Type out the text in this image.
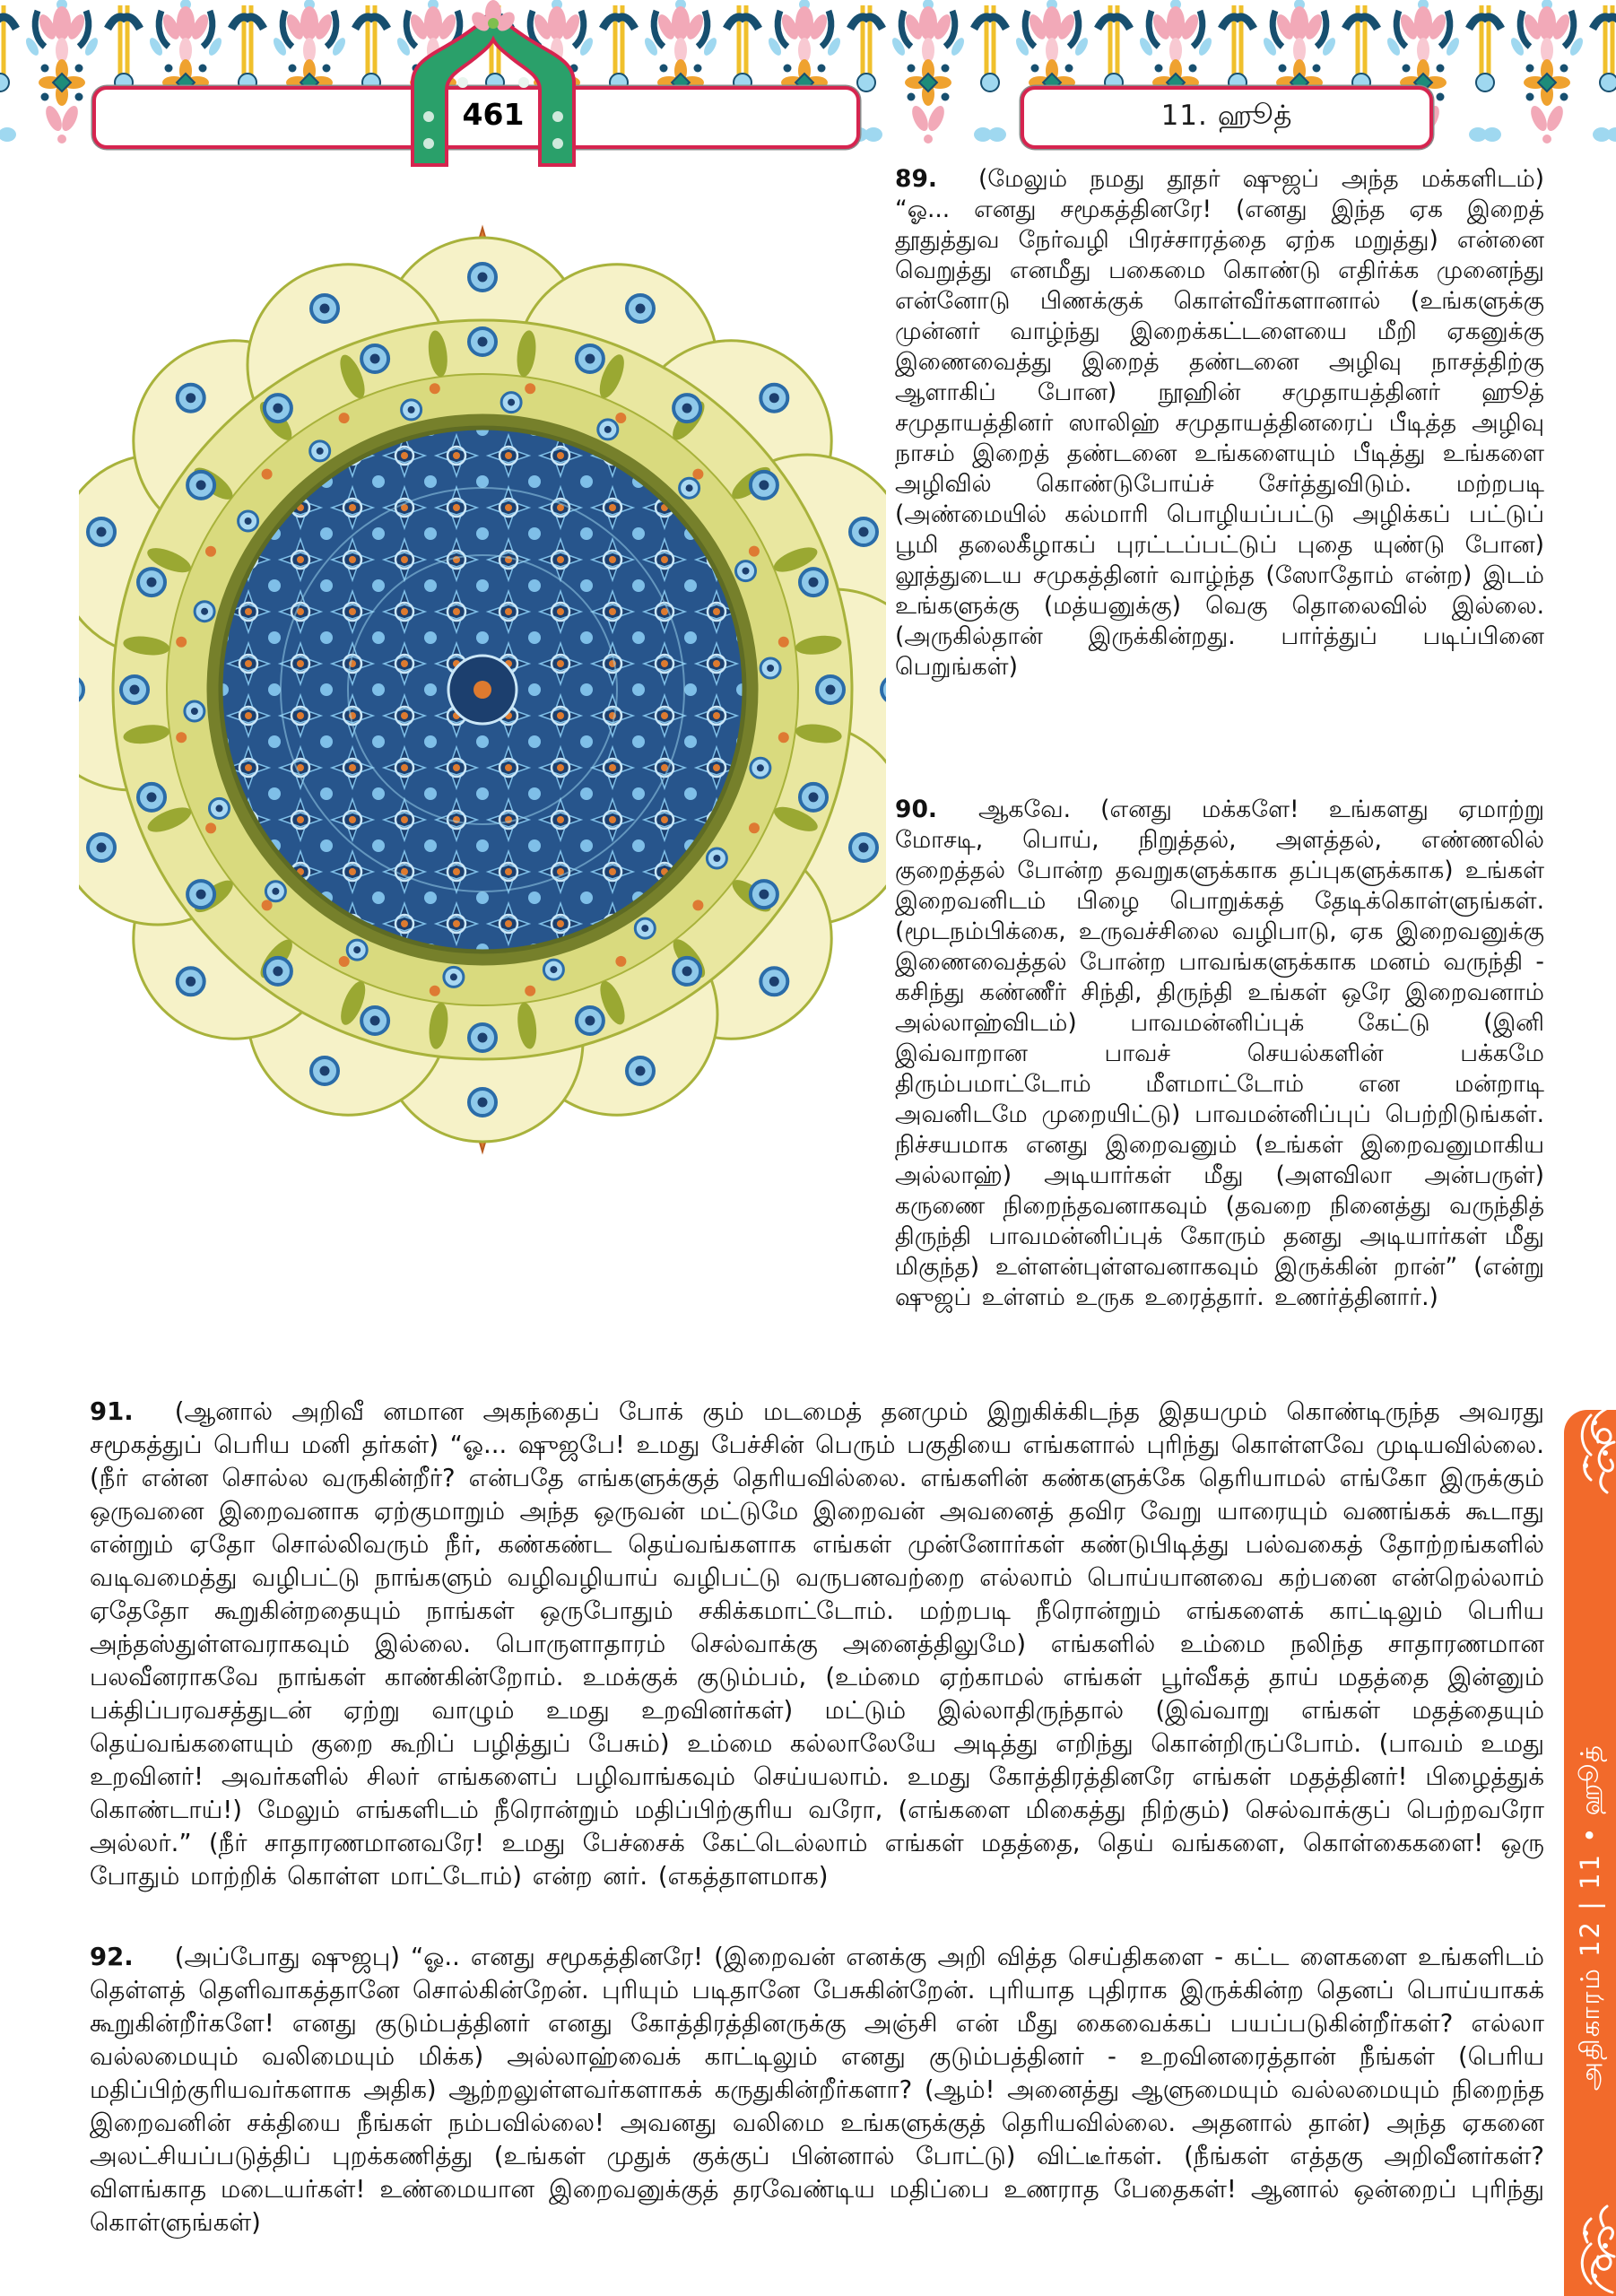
11. ஹூத்
461

89. (மேலும் நமது தூதர் ஷுஜப் அந்த மக்களிடம்) “ஓ... எனது சமூகத்தினரே! (எனது இந்த ஏக இறைத் தூதுத்துவ நேர்வழி பிரச்சாரத்தை ஏற்க மறுத்து) என்னை வெறுத்து எனமீது பகைமை கொண்டு எதிர்க்க முனைந்து என்னோடு பிணக்குக் கொள்வீர்களானால் (உங்களுக்கு முன்னர் வாழ்ந்து இறைக்கட்டளையை மீறி ஏகனுக்கு இணைவைத்து இறைத் தண்டனை அழிவு நாசத்திற்கு ஆளாகிப் போன) நூஹின் சமுதாயத்தினர் ஹூத் சமுதாயத்தினர் ஸாலிஹ் சமுதாயத்தினரைப் பீடித்த அழிவு நாசம் இறைத் தண்டனை உங்களையும் பீடித்து உங்களை அழிவில் கொண்டுபோய்ச் சேர்த்துவிடும். மற்றபடி (அண்மையில் கல்மாரி பொழியப்பட்டு அழிக்கப் பட்டுப் பூமி தலைகீழாகப் புரட்டப்பட்டுப் புதை யுண்டு போன) லூத்துடைய சமுகத்தினர் வாழ்ந்த (ஸோதோம் என்ற) இடம் உங்களுக்கு (மத்யனுக்கு) வெகு தொலைவில் இல்லை. (அருகில்தான் இருக்கின்றது. பார்த்துப் படிப்பினை பெறுங்கள்)

90. ஆகவே. (எனது மக்களே! உங்களது ஏமாற்று மோசடி, பொய், நிறுத்தல், அளத்தல், எண்ணலில் குறைத்தல் போன்ற தவறுகளுக்காக தப்புகளுக்காக) உங்கள் இறைவனிடம் பிழை பொறுக்கத் தேடிக்கொள்ளுங்கள். (மூடநம்பிக்கை, உருவச்சிலை வழிபாடு, ஏக இறைவனுக்கு இணைவைத்தல் போன்ற பாவங்களுக்காக மனம் வருந்தி - கசிந்து கண்ணீர் சிந்தி, திருந்தி உங்கள் ஒரே இறைவனாம் அல்லாஹ்விடம்) பாவமன்னிப்புக் கேட்டு (இனி இவ்வாறான பாவச் செயல்களின் பக்கமே திரும்பமாட்டோம் மீளமாட்டோம் என மன்றாடி அவனிடமே முறையிட்டு) பாவமன்னிப்புப் பெற்றிடுங்கள். நிச்சயமாக எனது இறைவனும் (உங்கள் இறைவனுமாகிய அல்லாஹ்) அடியார்கள் மீது (அளவிலா அன்பருள்) கருணை நிறைந்தவனாகவும் (தவறை நினைத்து வருந்தித் திருந்தி பாவமன்னிப்புக் கோரும் தனது அடியார்கள் மீது மிகுந்த) உள்ளன்புள்ளவனாகவும் இருக்கின் றான்” (என்று ஷுஜப் உள்ளம் உருக உரைத்தார். உணர்த்தினார்.)

91. (ஆனால் அறிவீ னமான அகந்தைப் போக் கும் மடமைத் தனமும் இறுகிக்கிடந்த இதயமும் கொண்டிருந்த அவரது சமூகத்துப் பெரிய மனி தர்கள்) “ஓ... ஷுஜபே! உமது பேச்சின் பெரும் பகுதியை எங்களால் புரிந்து கொள்ளவே முடியவில்லை. (நீர் என்ன சொல்ல வருகின்றீர்? என்பதே எங்களுக்குத் தெரியவில்லை. எங்களின் கண்களுக்கே தெரியாமல் எங்கோ இருக்கும் ஒருவனை இறைவனாக ஏற்குமாறும் அந்த ஒருவன் மட்டுமே இறைவன் அவனைத் தவிர வேறு யாரையும் வணங்கக் கூடாது என்றும் ஏதோ சொல்லிவரும் நீர், கண்கண்ட தெய்வங்களாக எங்கள் முன்னோர்கள் கண்டுபிடித்து பல்வகைத் தோற்றங்களில் வடிவமைத்து வழிபட்டு நாங்களும் வழிவழியாய் வழிபட்டு வருபனவற்றை எல்லாம் பொய்யானவை கற்பனை என்றெல்லாம் ஏதேதோ கூறுகின்றதையும் நாங்கள் ஒருபோதும் சகிக்கமாட்டோம். மற்றபடி நீரொன்றும் எங்களைக் காட்டிலும் பெரிய அந்தஸ்துள்ளவராகவும் இல்லை. பொருளாதாரம் செல்வாக்கு அனைத்திலுமே) எங்களில் உம்மை நலிந்த சாதாரணமான பலவீனராகவே நாங்கள் காண்கின்றோம். உமக்குக் குடும்பம், (உம்மை ஏற்காமல் எங்கள் பூர்வீகத் தாய் மதத்தை இன்னும் பக்திப்பரவசத்துடன் ஏற்று வாழும் உமது உறவினர்கள்) மட்டும் இல்லாதிருந்தால் (இவ்வாறு எங்கள் மதத்தையும் தெய்வங்களையும் குறை கூறிப் பழித்துப் பேசும்) உம்மை கல்லாலேயே அடித்து எறிந்து கொன்றிருப்போம். (பாவம் உமது உறவினர்! அவர்களில் சிலர் எங்களைப் பழிவாங்கவும் செய்யலாம். உமது கோத்திரத்தினரே எங்கள் மதத்தினர்! பிழைத்துக் கொண்டாய்!) மேலும் எங்களிடம் நீரொன்றும் மதிப்பிற்குரிய வரோ, (எங்களை மிகைத்து நிற்கும்) செல்வாக்குப் பெற்றவரோ அல்லர்.” (நீர் சாதாரணமானவரே! உமது பேச்சைக் கேட்டெல்லாம் எங்கள் மதத்தை, தெய் வங்களை, கொள்கைகளை! ஒரு போதும் மாற்றிக் கொள்ள மாட்டோம்) என்ற னர். (எகத்தாளமாக)

92. (அப்போது ஷுஜபு) “ஓ.. எனது சமூகத்தினரே! (இறைவன் எனக்கு அறி வித்த செய்திகளை - கட்ட ளைகளை உங்களிடம் தெள்ளத் தெளிவாகத்தானே சொல்கின்றேன். புரியும் படிதானே பேசுகின்றேன். புரியாத புதிராக இருக்கின்ற தெனப் பொய்யாகக் கூறுகின்றீர்களே! எனது குடும்பத்தினர் எனது கோத்திரத்தினருக்கு அஞ்சி என் மீது கைவைக்கப் பயப்படுகின்றீர்கள்? எல்லா வல்லமையும் வலிமையும் மிக்க) அல்லாஹ்வைக் காட்டிலும் எனது குடும்பத்தினர் - உறவினரைத்தான் நீங்கள் (பெரிய மதிப்பிற்குரியவர்களாக அதிக) ஆற்றலுள்ளவர்களாகக் கருதுகின்றீர்களா? (ஆம்! அனைத்து ஆளுமையும் வல்லமையும் நிறைந்த இறைவனின் சக்தியை நீங்கள் நம்பவில்லை! அவனது வலிமை உங்களுக்குத் தெரியவில்லை. அதனால் தான்) அந்த ஏகனை அலட்சியப்படுத்திப் புறக்கணித்து (உங்கள் முதுக் குக்குப் பின்னால் போட்டு) விட்டீர்கள். (நீங்கள் எத்தகு அறிவீனர்கள்? விளங்காத மடையர்கள்! உண்மையான இறைவனுக்குத் தரவேண்டிய மதிப்பை உணராத பேதைகள்! ஆனால் ஒன்றைப் புரிந்து கொள்ளுங்கள்)

அதிகாரம் 12 | 11 • ஹூத்
